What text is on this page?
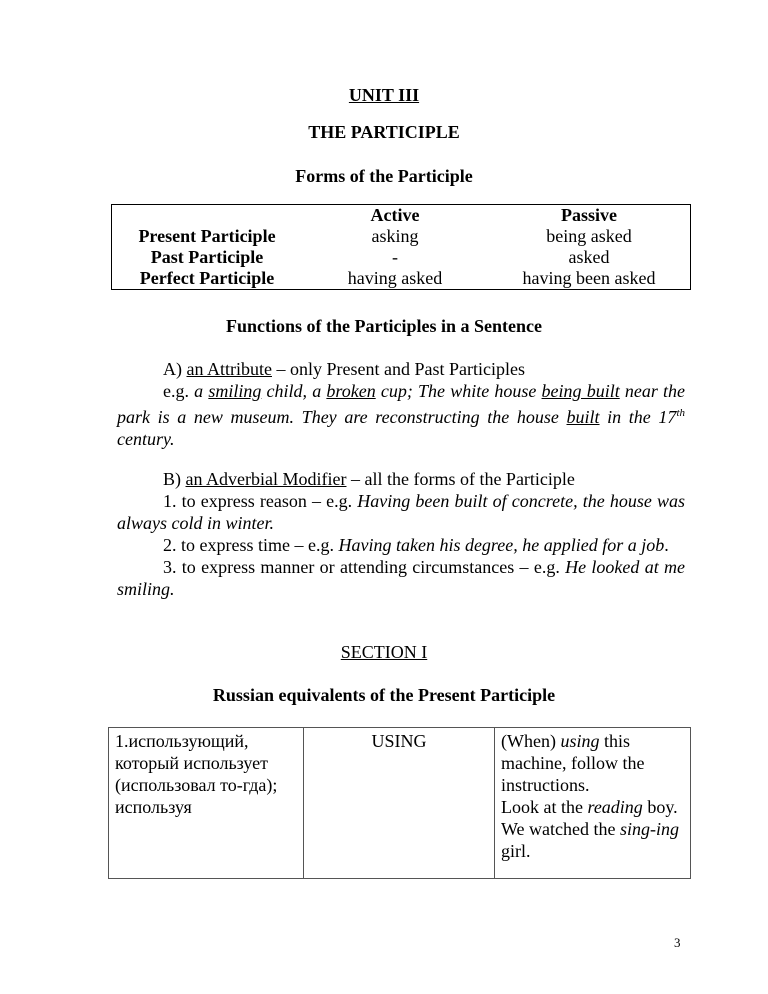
UNIT III
THE PARTICIPLE
Forms of the Participle
	Active	Passive
Present Participle	asking	being asked
Past Participle	-	asked
Perfect Participle	having asked	having been asked
Functions of the Participles in a Sentence
A) an Attribute – only Present and Past Participles
e.g. a smiling child, a broken cup; The white house being built near the park is a new museum. They are reconstructing the house built in the 17th century.
B) an Adverbial Modifier – all the forms of the Participle
1. to express reason – e.g. Having been built of concrete, the house was always cold in winter.
2. to express time – e.g. Having taken his degree, he applied for a job.
3. to express manner or attending circumstances – e.g. He looked at me smiling.
SECTION I
Russian equivalents of the Present Participle
1.использующий, который использует (использовал то-гда); используя	USING	(When) using this machine, follow the instructions.
Look at the reading boy.
We watched the sing-ing girl.
3
